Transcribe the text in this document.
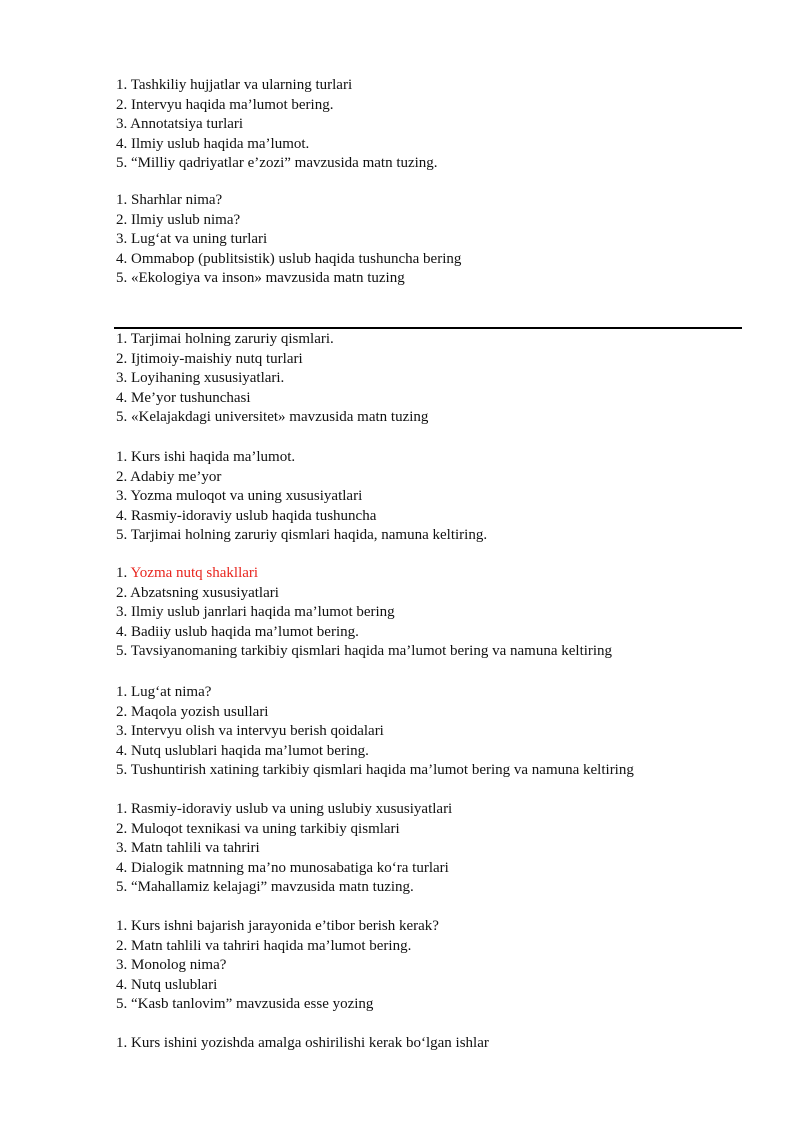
1. Tashkiliy hujjatlar va ularning turlari
2. Intervyu haqida ma’lumot bering.
3. Annotatsiya turlari
4. Ilmiy uslub haqida ma’lumot.
5. “Milliy qadriyatlar e’zozi” mavzusida matn tuzing.
1. Sharhlar nima?
2. Ilmiy uslub nima?
3. Lug‘at va uning turlari
4. Ommabop (publitsistik) uslub haqida tushuncha bering
5. «Ekologiya va inson» mavzusida matn tuzing
1. Tarjimai holning zaruriy qismlari.
2. Ijtimoiy-maishiy nutq turlari
3. Loyihaning xususiyatlari.
4. Me’yor tushunchasi
5. «Kelajakdagi universitet» mavzusida matn tuzing
1. Kurs ishi haqida ma’lumot.
2. Adabiy me’yor
3. Yozma muloqot va uning xususiyatlari
4. Rasmiy-idoraviy uslub haqida tushuncha
5. Tarjimai holning zaruriy qismlari haqida, namuna keltiring.
1. Yozma nutq shakllari
2. Abzatsning xususiyatlari
3. Ilmiy uslub janrlari haqida ma’lumot bering
4. Badiiy uslub haqida ma’lumot bering.
5. Tavsiyanomaning tarkibiy qismlari haqida ma’lumot bering va namuna keltiring
1. Lug‘at nima?
2. Maqola yozish usullari
3. Intervyu olish va intervyu berish qoidalari
4. Nutq uslublari haqida ma’lumot bering.
5. Tushuntirish xatining tarkibiy qismlari haqida ma’lumot bering va namuna keltiring
1. Rasmiy-idoraviy uslub va uning uslubiy xususiyatlari
2. Muloqot texnikasi va uning tarkibiy qismlari
3. Matn tahlili va tahriri
4. Dialogik matnning ma’no munosabatiga ko‘ra turlari
5. “Mahallamiz kelajagi” mavzusida matn tuzing.
1. Kurs ishni bajarish jarayonida e’tibor berish kerak?
2. Matn tahlili va tahriri haqida ma’lumot bering.
3. Monolog nima?
4. Nutq uslublari
5. “Kasb tanlovim” mavzusida esse yozing
1. Kurs ishini yozishda amalga oshirilishi kerak bo‘lgan ishlar
